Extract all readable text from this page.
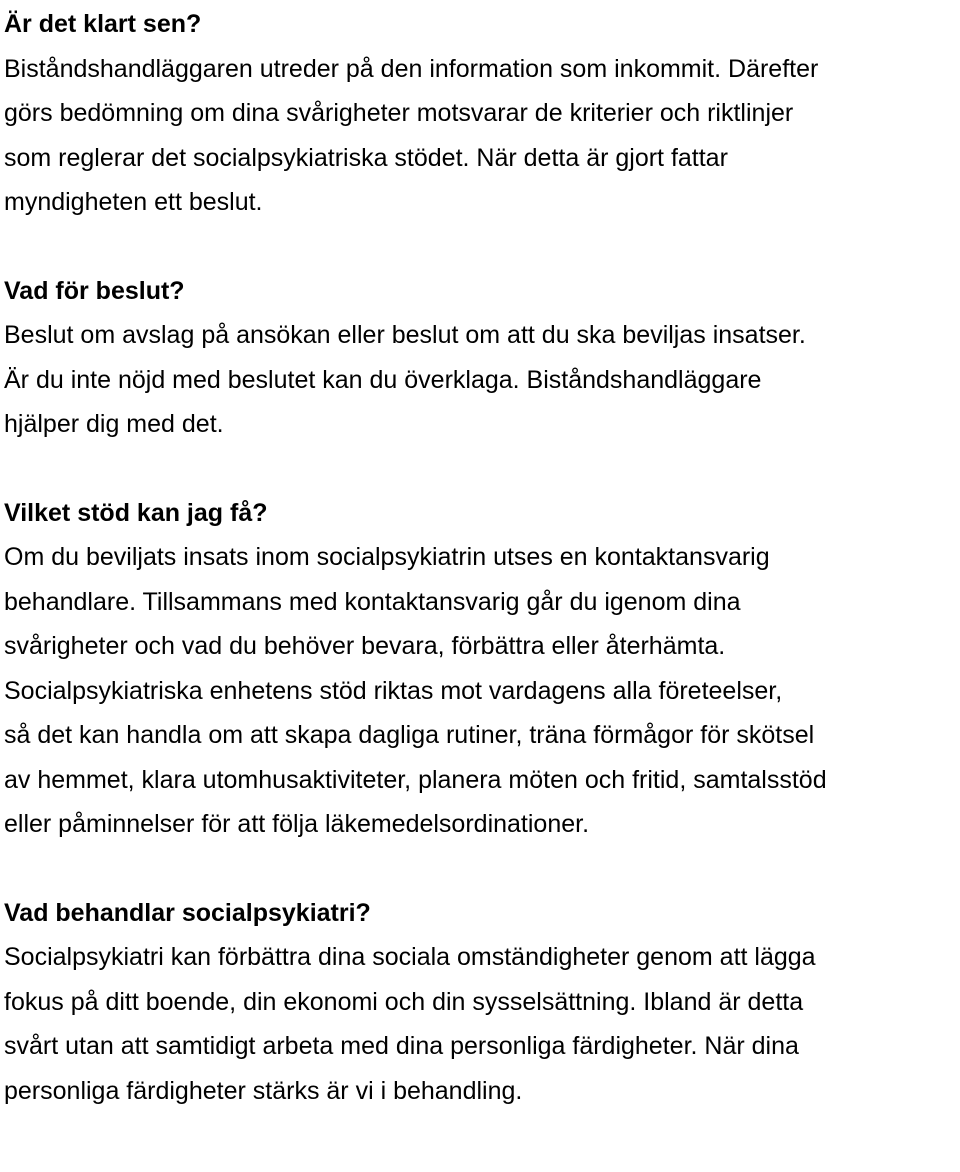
Är det klart sen?

Biståndshandläggaren utreder på den information som inkommit. Därefter

görs bedömning om dina svårigheter motsvarar de kriterier och riktlinjer

som reglerar det socialpsykiatriska stödet. När detta är gjort fattar

myndigheten ett beslut.

Vad för beslut?

Beslut om avslag på ansökan eller beslut om att du ska beviljas insatser.

Är du inte nöjd med beslutet kan du överklaga. Biståndshandläggare

hjälper dig med det.

Vilket stöd kan jag få?

Om du beviljats insats inom socialpsykiatrin utses en kontaktansvarig

behandlare. Tillsammans med kontaktansvarig går du igenom dina

svårigheter och vad du behöver bevara, förbättra eller återhämta.

Socialpsykiatriska enhetens stöd riktas mot vardagens alla företeelser,

så det kan handla om att skapa dagliga rutiner, träna förmågor för skötsel

av hemmet, klara utomhusaktiviteter, planera möten och fritid, samtalsstöd

eller påminnelser för att följa läkemedelsordinationer.

Vad behandlar socialpsykiatri?

Socialpsykiatri kan förbättra dina sociala omständigheter genom att lägga

fokus på ditt boende, din ekonomi och din sysselsättning. Ibland är detta

svårt utan att samtidigt arbeta med dina personliga färdigheter. När dina

personliga färdigheter stärks är vi i behandling.
